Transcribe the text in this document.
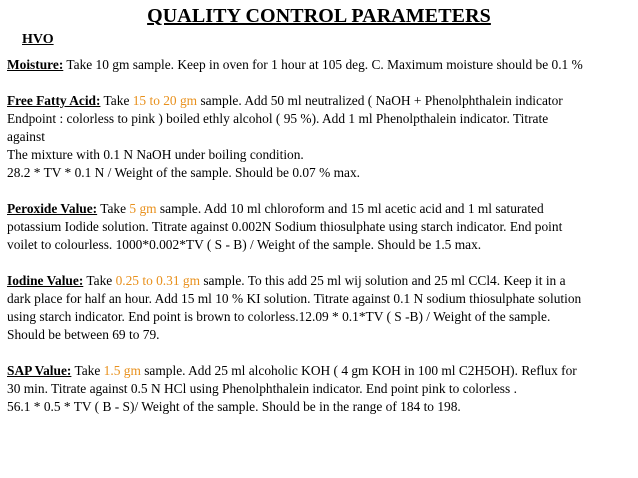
QUALITY CONTROL PARAMETERS
HVO
Moisture: Take 10 gm sample. Keep in oven for 1 hour at 105 deg. C. Maximum moisture should be 0.1 %
Free Fatty Acid: Take 15 to 20 gm sample. Add 50 ml neutralized ( NaOH + Phenolphthalein indicator
Endpoint : colorless to pink ) boiled ethly alcohol ( 95 %). Add 1 ml Phenolpthalein indicator. Titrate
against
The mixture with 0.1 N NaOH under boiling condition.
28.2 * TV * 0.1 N / Weight of the sample. Should be 0.07 % max.
Peroxide Value: Take 5 gm sample. Add 10 ml chloroform and 15 ml acetic acid and 1 ml saturated
potassium Iodide solution. Titrate against 0.002N Sodium thiosulphate using starch indicator. End point
voilet to colourless. 1000*0.002*TV ( S - B) / Weight of the sample. Should be 1.5 max.
Iodine Value: Take 0.25 to 0.31 gm sample. To this add 25 ml wij solution and 25 ml CCl4. Keep it in a
dark place for half an hour. Add 15 ml 10 % KI solution. Titrate against 0.1 N sodium thiosulphate solution
using starch indicator. End point is brown to colorless.12.09 * 0.1*TV ( S -B) / Weight of the sample.
Should be between 69 to 79.
SAP Value: Take 1.5 gm sample. Add 25 ml alcoholic KOH ( 4 gm KOH in 100 ml C2H5OH). Reflux for
30 min. Titrate against 0.5 N HCl using Phenolphthalein indicator. End point pink to colorless .
56.1 * 0.5 * TV ( B - S)/ Weight of the sample. Should be in the range of 184 to 198.
